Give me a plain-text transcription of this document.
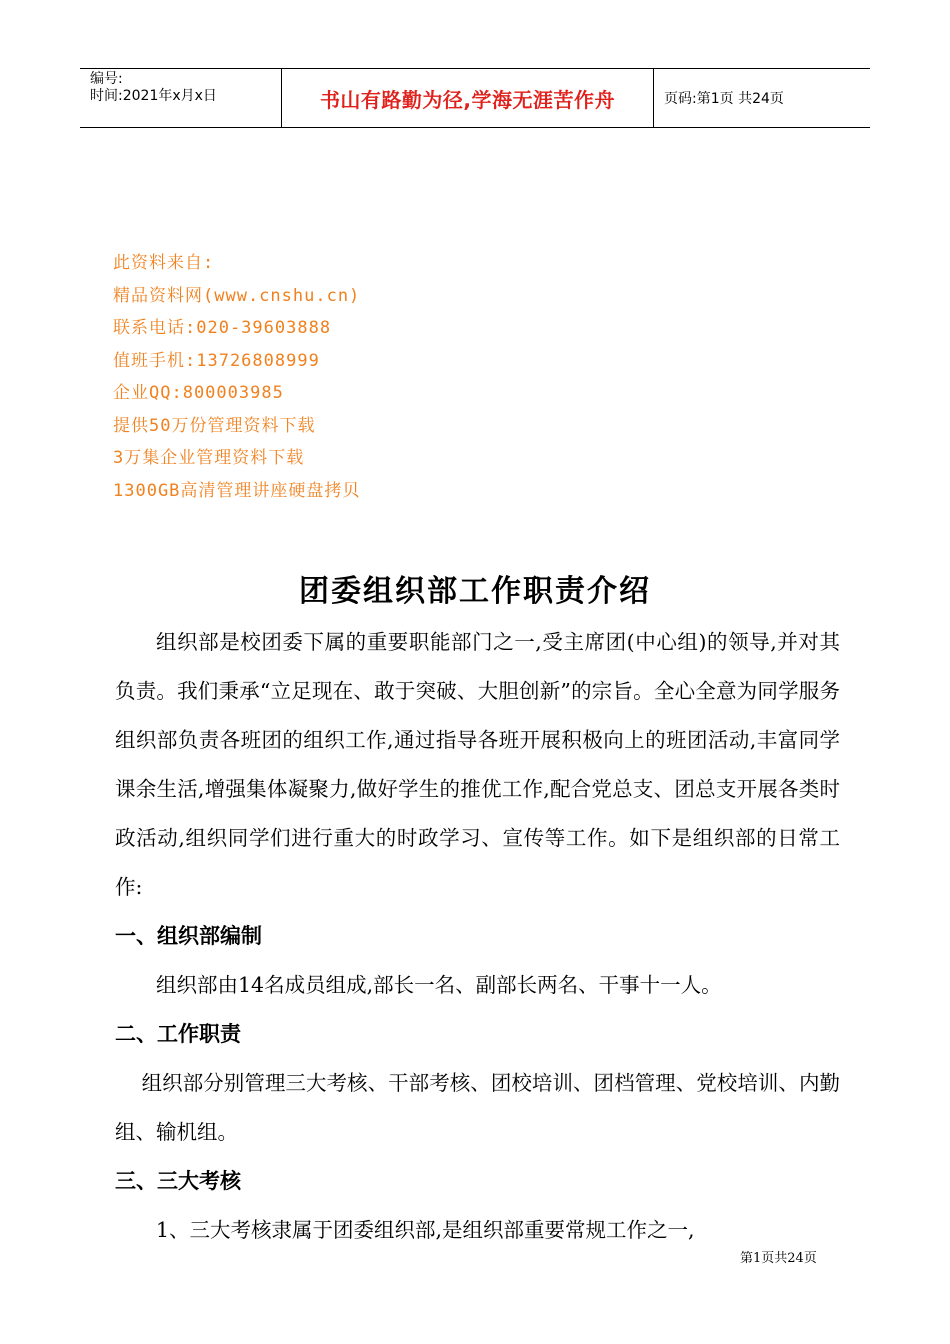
编号:
时间:2021年x月x日	书山有路勤为径,学海无涯苦作舟	页码:第1页 共24页
此资料来自:
精品资料网(www.cnshu.cn)
联系电话:020-39603888
值班手机:13726808999
企业QQ:800003985
提供50万份管理资料下载
3万集企业管理资料下载
1300GB高清管理讲座硬盘拷贝
团委组织部工作职责介绍

组织部是校团委下属的重要职能部门之一,受主席团(中心组)的领导,并对其负责。我们秉承“立足现在、敢于突破、大胆创新”的宗旨。全心全意为同学服务组织部负责各班团的组织工作,通过指导各班开展积极向上的班团活动,丰富同学课余生活,增强集体凝聚力,做好学生的推优工作,配合党总支、团总支开展各类时政活动,组织同学们进行重大的时政学习、宣传等工作。如下是组织部的日常工作:

一、组织部编制

组织部由14名成员组成,部长一名、副部长两名、干事十一人。

二、工作职责

组织部分别管理三大考核、干部考核、团校培训、团档管理、党校培训、内勤组、输机组。

三、三大考核

1、三大考核隶属于团委组织部,是组织部重要常规工作之一,

第1页共24页
